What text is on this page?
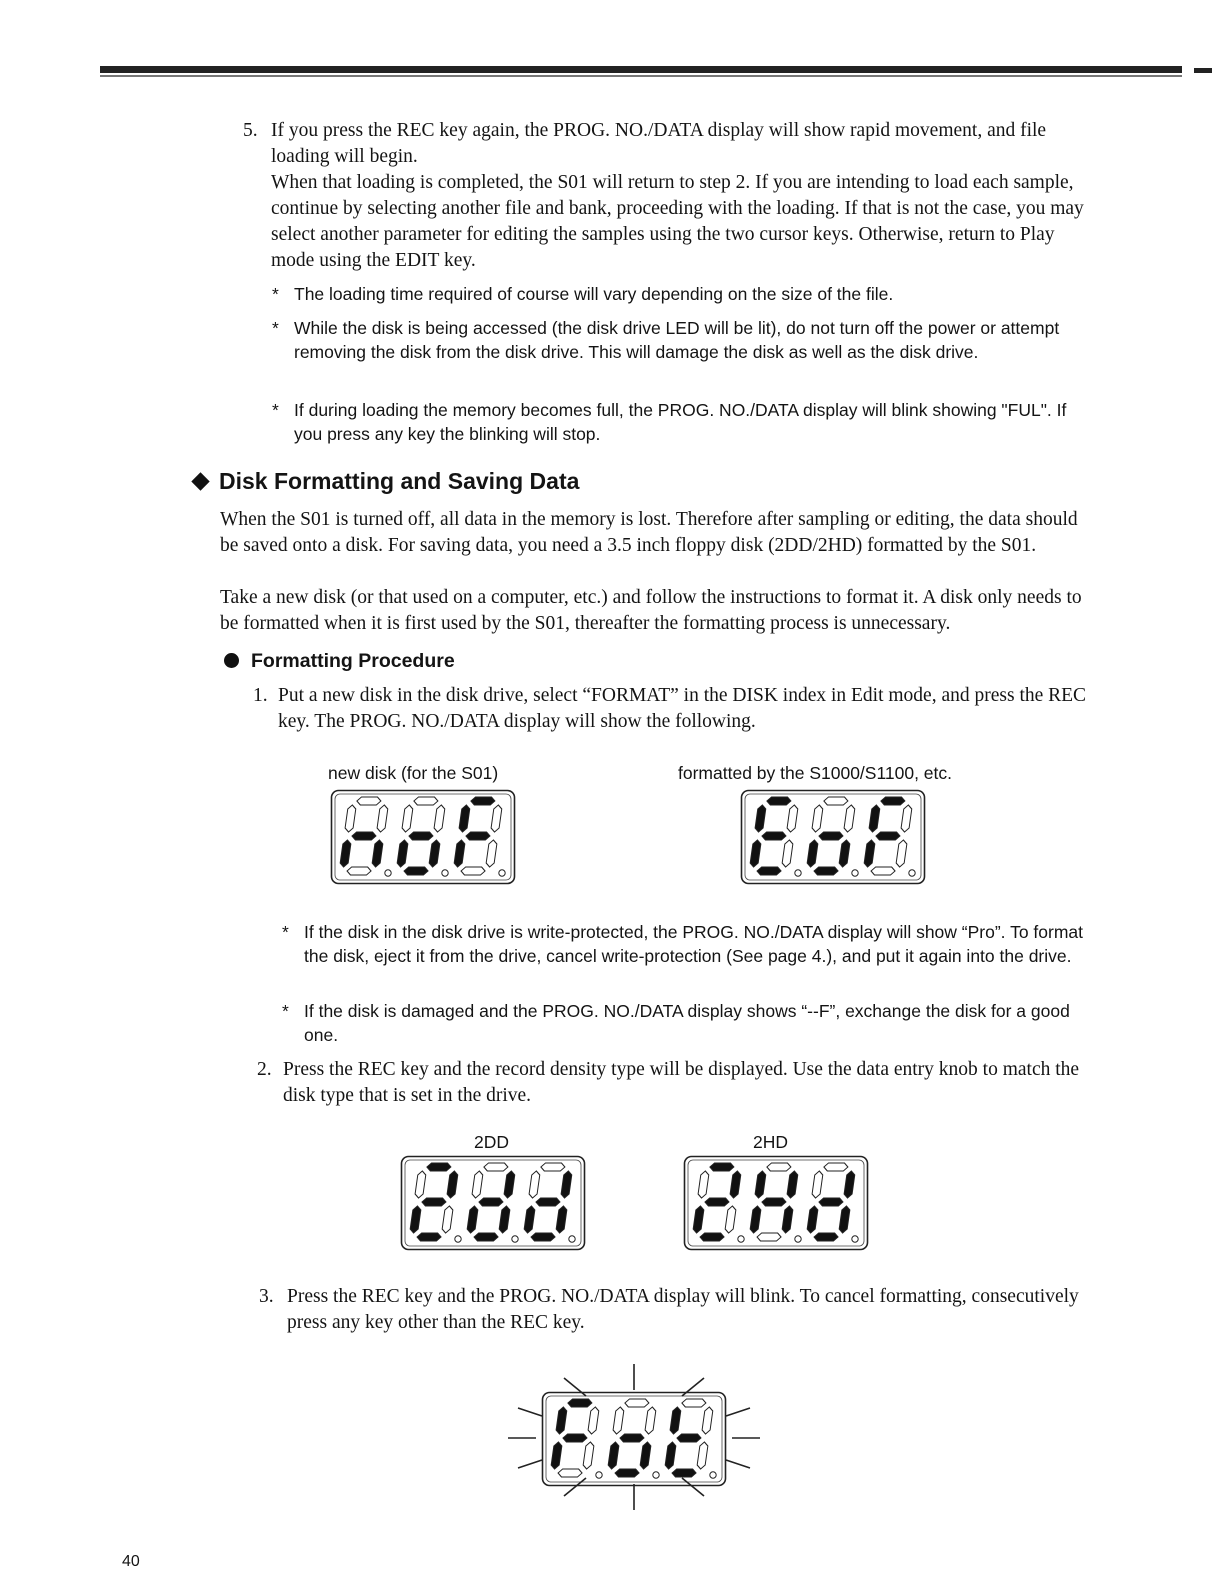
5. If you press the REC key again, the PROG. NO./DATA display will show rapid movement, and file loading will begin.

When that loading is completed, the S01 will return to step 2. If you are intending to load each sample, continue by selecting another file and bank, proceeding with the loading. If that is not the case, you may select another parameter for editing the samples using the two cursor keys. Otherwise, return to Play mode using the EDIT key.

* The loading time required of course will vary depending on the size of the file.
* While the disk is being accessed (the disk drive LED will be lit), do not turn off the power or attempt removing the disk from the disk drive. This will damage the disk as well as the disk drive.
* If during loading the memory becomes full, the PROG. NO./DATA display will blink showing "FUL". If you press any key the blinking will stop.
Disk Formatting and Saving Data

When the S01 is turned off, all data in the memory is lost. Therefore after sampling or editing, the data should be saved onto a disk. For saving data, you need a 3.5 inch floppy disk (2DD/2HD) formatted by the S01.

Take a new disk (or that used on a computer, etc.) and follow the instructions to format it. A disk only needs to be formatted when it is first used by the S01, thereafter the formatting process is unnecessary.

Formatting Procedure
1. Put a new disk in the disk drive, select “FORMAT” in the DISK index in Edit mode, and press the REC key. The PROG. NO./DATA display will show the following.

new disk (for the S01)	formatted by the S1000/S1100, etc.
* If the disk in the disk drive is write-protected, the PROG. NO./DATA display will show “Pro”. To format the disk, eject it from the drive, cancel write-protection (See page 4.), and put it again into the drive.
* If the disk is damaged and the PROG. NO./DATA display shows “--F”, exchange the disk for a good one.
2. Press the REC key and the record density type will be displayed. Use the data entry knob to match the disk type that is set in the drive.

2DD	2HD
3. Press the REC key and the PROG. NO./DATA display will blink. To cancel formatting, consecutively press any key other than the REC key.

40
